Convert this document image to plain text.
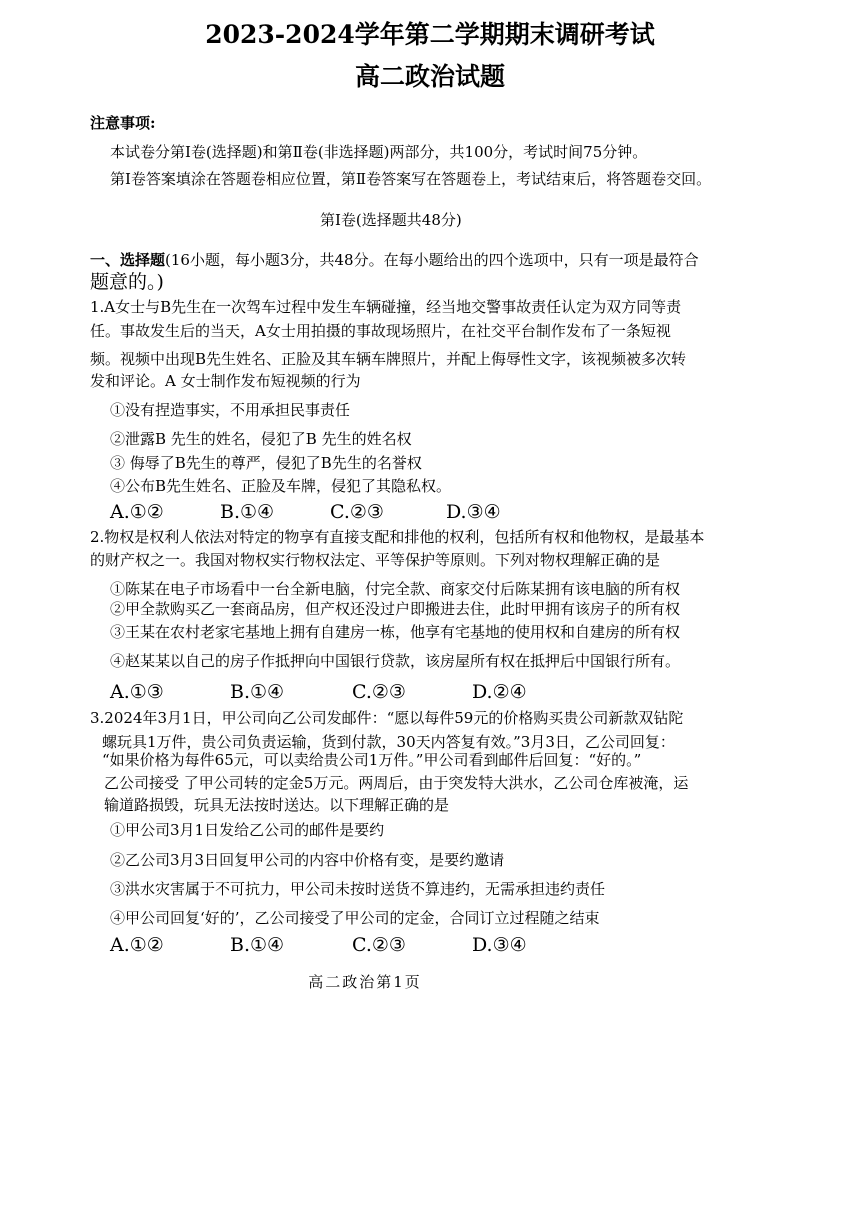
2023-2024学年第二学期期末调研考试
高二政治试题
注意事项:
本试卷分第Ⅰ卷(选择题)和第Ⅱ卷(非选择题)两部分，共100分，考试时间75分钟。
第Ⅰ卷答案填涂在答题卷相应位置，第Ⅱ卷答案写在答题卷上，考试结束后，将答题卷交回。
第Ⅰ卷(选择题共48分)
一、选择题(16小题，每小题3分，共48分。在每小题给出的四个选项中，只有一项是最符合
题意的。)
1.A女士与B先生在一次驾车过程中发生车辆碰撞，经当地交警事故责任认定为双方同等责
任。事故发生后的当天，A女士用拍摄的事故现场照片，在社交平台制作发布了一条短视
频。视频中出现B先生姓名、正脸及其车辆车牌照片，并配上侮辱性文字，该视频被多次转
发和评论。A 女士制作发布短视频的行为
①没有捏造事实，不用承担民事责任
②泄露B 先生的姓名，侵犯了B 先生的姓名权
③ 侮辱了B先生的尊严，侵犯了B先生的名誉权
④公布B先生姓名、正脸及车牌，侵犯了其隐私权。
A.①②	B.①④	C.②③	D.③④
2.物权是权利人依法对特定的物享有直接支配和排他的权利，包括所有权和他物权，是最基本
的财产权之一。我国对物权实行物权法定、平等保护等原则。下列对物权理解正确的是
①陈某在电子市场看中一台全新电脑，付完全款、商家交付后陈某拥有该电脑的所有权
②甲全款购买乙一套商品房，但产权还没过户即搬进去住，此时甲拥有该房子的所有权
③王某在农村老家宅基地上拥有自建房一栋，他享有宅基地的使用权和自建房的所有权
④赵某某以自己的房子作抵押向中国银行贷款，该房屋所有权在抵押后中国银行所有。
A.①③	B.①④	C.②③	D.②④
3.2024年3月1日，甲公司向乙公司发邮件：“愿以每件59元的价格购买贵公司新款双钻陀
螺玩具1万件，贵公司负责运输，货到付款，30天内答复有效。”3月3日，乙公司回复：
“如果价格为每件65元，可以卖给贵公司1万件。”甲公司看到邮件后回复：“好的。”
乙公司接受 了甲公司转的定金5万元。两周后，由于突发特大洪水，乙公司仓库被淹，运
输道路损毁，玩具无法按时送达。以下理解正确的是
①甲公司3月1日发给乙公司的邮件是要约
②乙公司3月3日回复甲公司的内容中价格有变，是要约邀请
③洪水灾害属于不可抗力，甲公司未按时送货不算违约，无需承担违约责任
④甲公司回复‘好的’，乙公司接受了甲公司的定金，合同订立过程随之结束
A.①②	B.①④	C.②③	D.③④
高二政治第1页
